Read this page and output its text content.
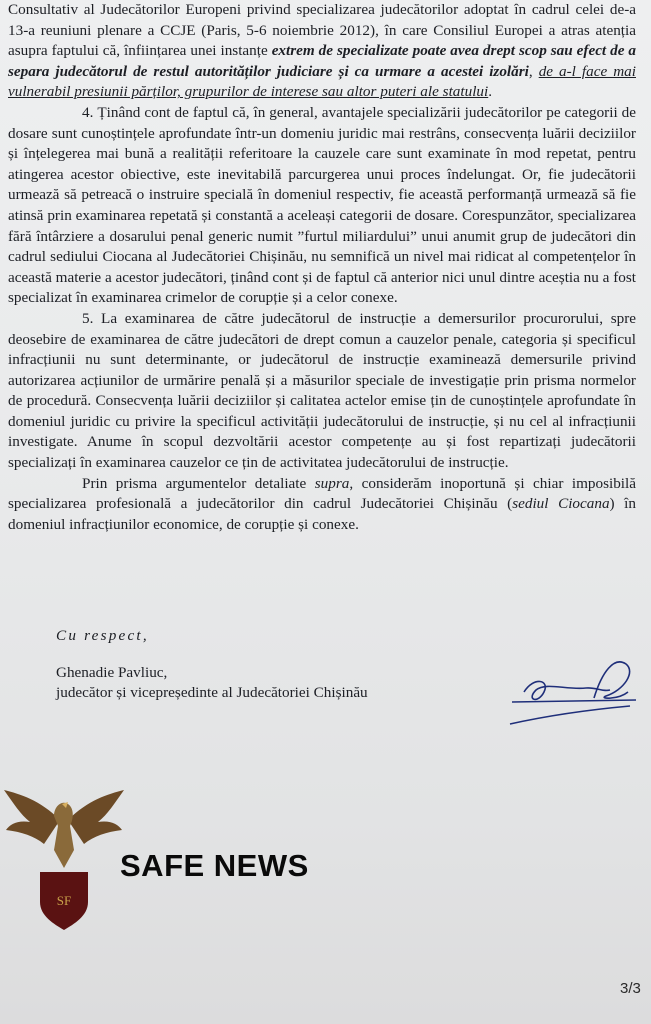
Consultativ al Judecătorilor Europeni privind specializarea judecătorilor adoptat în cadrul celei de-a 13-a reuniuni plenare a CCJE (Paris, 5-6 noiembrie 2012), în care Consiliul Europei a atras atenția asupra faptului că, înființarea unei instanțe extrem de specializate poate avea drept scop sau efect de a separa judecătorul de restul autorităților judiciare și ca urmare a acestei izolări, de a-l face mai vulnerabil presiunii părților, grupurilor de interese sau altor puteri ale statului.

4. Ținând cont de faptul că, în general, avantajele specializării judecătorilor pe categorii de dosare sunt cunoștințele aprofundate într-un domeniu juridic mai restrâns, consecvența luării deciziilor și înțelegerea mai bună a realității referitoare la cauzele care sunt examinate în mod repetat, pentru atingerea acestor obiective, este inevitabilă parcurgerea unui proces îndelungat. Or, fie judecătorii urmează să petreacă o instruire specială în domeniul respectiv, fie această performanță urmează să fie atinsă prin examinarea repetată și constantă a aceleași categorii de dosare. Corespunzător, specializarea fără întârziere a dosarului penal generic numit ”furtul miliardului” unui anumit grup de judecători din cadrul sediului Ciocana al Judecătoriei Chișinău, nu semnifică un nivel mai ridicat al competențelor în această materie a acestor judecători, ținând cont și de faptul că anterior nici unul dintre aceștia nu a fost specializat în examinarea crimelor de corupție și a celor conexe.

5. La examinarea de către judecătorul de instrucție a demersurilor procurorului, spre deosebire de examinarea de către judecători de drept comun a cauzelor penale, categoria și specificul infracțiunii nu sunt determinante, or judecătorul de instrucție examinează demersurile privind autorizarea acțiunilor de urmărire penală și a măsurilor speciale de investigație prin prisma normelor de procedură. Consecvența luării deciziilor și calitatea actelor emise țin de cunoștințele aprofundate în domeniul juridic cu privire la specificul activității judecătorului de instrucție, și nu cel al infracțiunii investigate. Anume în scopul dezvoltării acestor competențe au și fost repartizați judecătorii specializați în examinarea cauzelor ce țin de activitatea judecătorului de instrucție.

Prin prisma argumentelor detaliate supra, considerăm inoportună și chiar imposibilă specializarea profesională a judecătorilor din cadrul Judecătoriei Chișinău (sediul Ciocana) în domeniul infracțiunilor economice, de corupție și conexe.

Cu respect,
Ghenadie Pavliuc,
judecător și vicepreședinte al Judecătoriei Chișinău
SF
SAFE NEWS
3/3
